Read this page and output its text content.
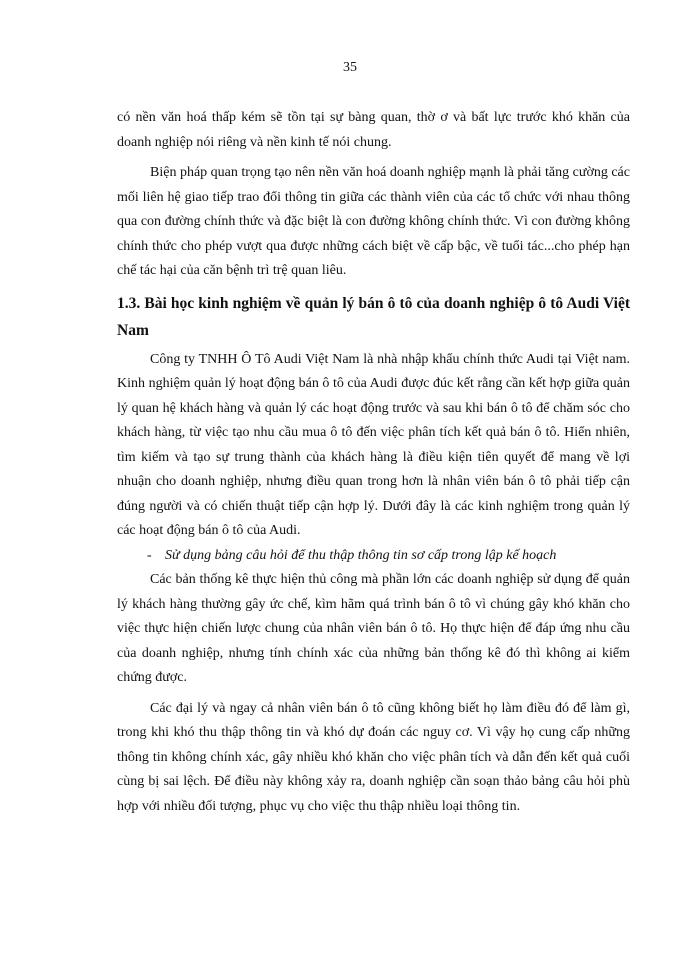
35

có nền văn hoá thấp kém sẽ tồn tại sự bàng quan, thờ ơ và bất lực trước khó khăn của doanh nghiệp nói riêng và nền kinh tế nói chung.

Biện pháp quan trọng tạo nên nền văn hoá doanh nghiệp mạnh là phải tăng cường các mối liên hệ giao tiếp trao đổi thông tin giữa các thành viên của các tổ chức với nhau thông qua con đường chính thức và đặc biệt là con đường không chính thức. Vì con đường không chính thức cho phép vượt qua được những cách biệt về cấp bậc, về tuổi tác...cho phép hạn chế tác hại của căn bệnh trì trệ quan liêu.

1.3. Bài học kinh nghiệm về quản lý bán ô tô của doanh nghiệp ô tô Audi Việt Nam

Công ty TNHH Ô Tô Audi Việt Nam là nhà nhập khẩu chính thức Audi tại Việt nam. Kinh nghiệm quản lý hoạt động bán ô tô của Audi được đúc kết rằng cần kết hợp giữa quản lý quan hệ khách hàng và quản lý các hoạt động trước và sau khi bán ô tô để chăm sóc cho khách hàng, từ việc tạo nhu cầu mua ô tô đến việc phân tích kết quả bán ô tô. Hiển nhiên, tìm kiếm và tạo sự trung thành của khách hàng là điều kiện tiên quyết để mang về lợi nhuận cho doanh nghiệp, nhưng điều quan trong hơn là nhân viên bán ô tô phải tiếp cận đúng người và có chiến thuật tiếp cận hợp lý. Dưới đây là các kinh nghiệm trong quản lý các hoạt động bán ô tô của Audi.

- Sử dụng bảng câu hỏi để thu thập thông tin sơ cấp trong lập kế hoạch

Các bản thống kê thực hiện thủ công mà phần lớn các doanh nghiệp sử dụng để quản lý khách hàng thường gây ức chế, kìm hãm quá trình bán ô tô vì chúng gây khó khăn cho việc thực hiện chiến lược chung của nhân viên bán ô tô. Họ thực hiện để đáp ứng nhu cầu của doanh nghiệp, nhưng tính chính xác của những bản thống kê đó thì không ai kiểm chứng được.

Các đại lý và ngay cả nhân viên bán ô tô cũng không biết họ làm điều đó để làm gì, trong khi khó thu thập thông tin và khó dự đoán các nguy cơ. Vì vậy họ cung cấp những thông tin không chính xác, gây nhiều khó khăn cho việc phân tích và dẫn đến kết quả cuối cùng bị sai lệch. Để điều này không xảy ra, doanh nghiệp cần soạn thảo bảng câu hỏi phù hợp với nhiều đối tượng, phục vụ cho việc thu thập nhiều loại thông tin.
